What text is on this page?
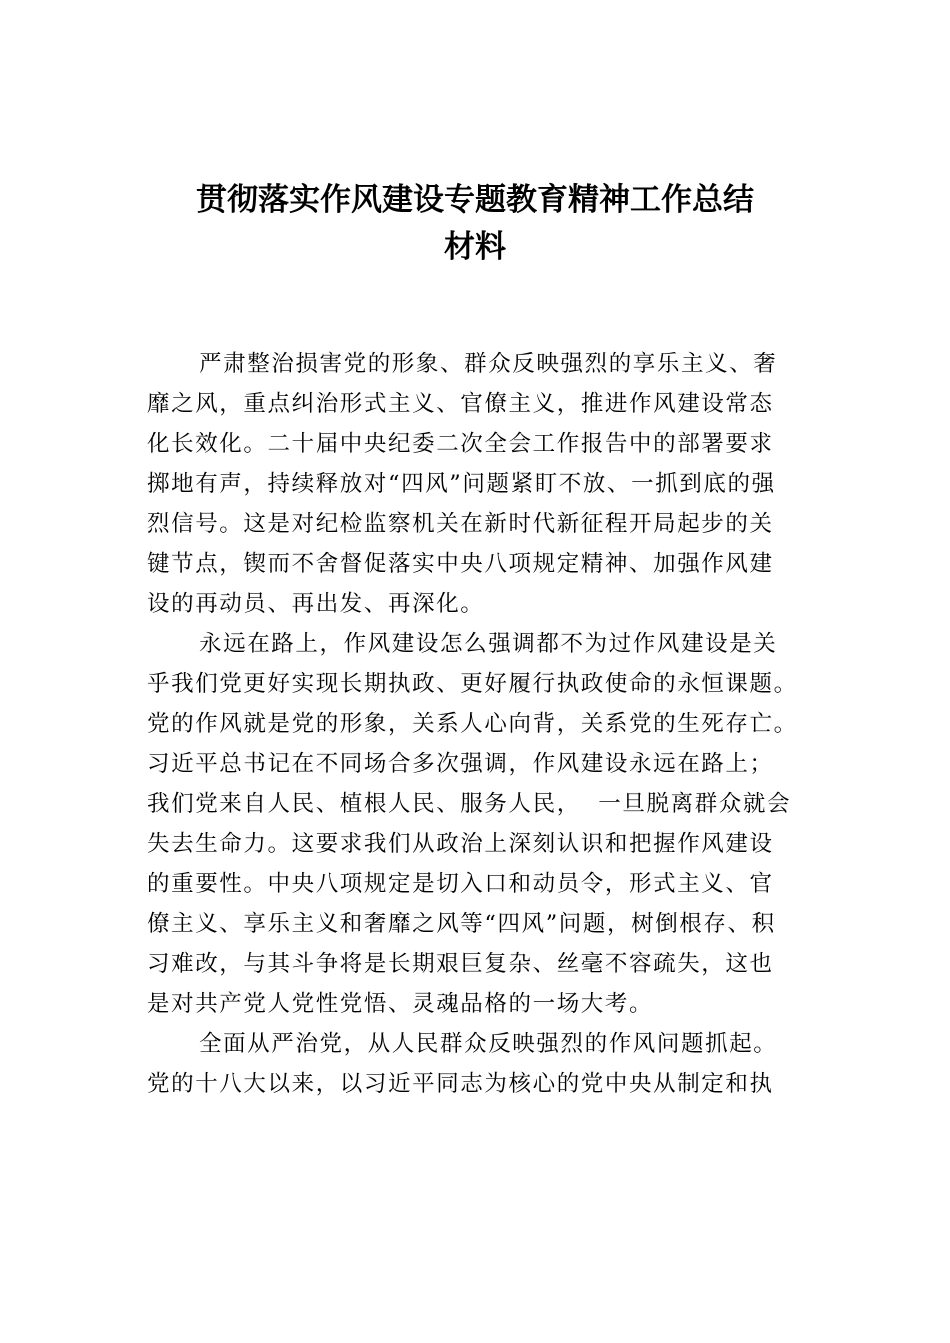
贯彻落实作风建设专题教育精神工作总结
材料

严肃整治损害党的形象、群众反映强烈的享乐主义、奢

靡之风，重点纠治形式主义、官僚主义，推进作风建设常态

化长效化。二十届中央纪委二次全会工作报告中的部署要求

掷地有声，持续释放对“四风”问题紧盯不放、一抓到底的强

烈信号。这是对纪检监察机关在新时代新征程开局起步的关

键节点，锲而不舍督促落实中央八项规定精神、加强作风建

设的再动员、再出发、再深化。

永远在路上，作风建设怎么强调都不为过作风建设是关

乎我们党更好实现长期执政、更好履行执政使命的永恒课题。

党的作风就是党的形象，关系人心向背，关系党的生死存亡。

习近平总书记在不同场合多次强调，作风建设永远在路上；

我们党来自人民、植根人民、服务人民，  一旦脱离群众就会

失去生命力。这要求我们从政治上深刻认识和把握作风建设

的重要性。中央八项规定是切入口和动员令，形式主义、官

僚主义、享乐主义和奢靡之风等“四风”问题，树倒根存、积

习难改，与其斗争将是长期艰巨复杂、丝毫不容疏失，这也

是对共产党人党性党悟、灵魂品格的一场大考。

全面从严治党，从人民群众反映强烈的作风问题抓起。

党的十八大以来，以习近平同志为核心的党中央从制定和执
